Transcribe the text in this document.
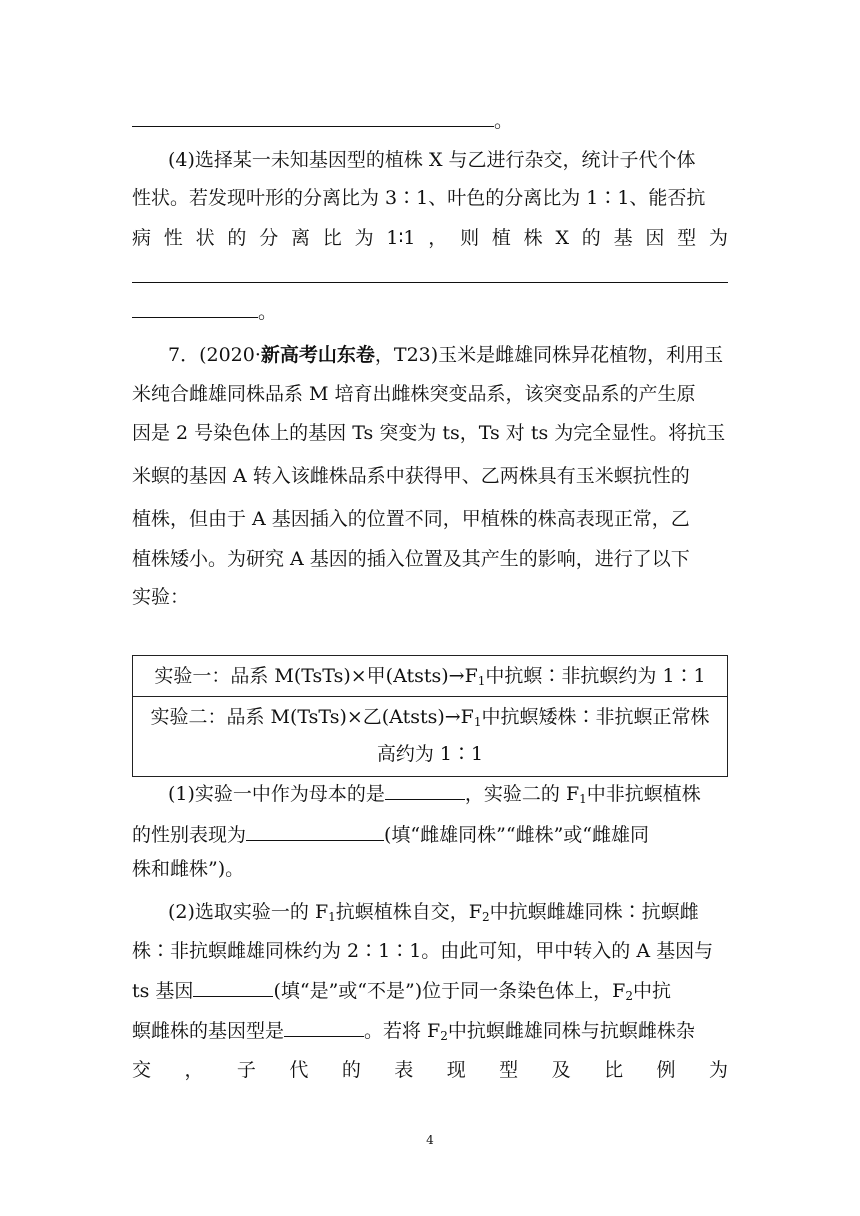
。
(4)选择某一未知基因型的植株 X 与乙进行杂交，统计子代个体
性状。若发现叶形的分离比为 3∶1、叶色的分离比为 1∶1、能否抗
病 性 状 的 分 离 比 为 1∶1 ， 则 植 株 X 的 基 因 型 为
。
7．(2020·新高考山东卷，T23)玉米是雌雄同株异花植物，利用玉
米纯合雌雄同株品系 M 培育出雌株突变品系，该突变品系的产生原
因是 2 号染色体上的基因 Ts 突变为 ts，Ts 对 ts 为完全显性。将抗玉
米螟的基因 A 转入该雌株品系中获得甲、乙两株具有玉米螟抗性的
植株，但由于 A 基因插入的位置不同，甲植株的株高表现正常，乙
植株矮小。为研究 A 基因的插入位置及其产生的影响，进行了以下
实验：
实验一：品系 M(TsTs)×甲$(Atsts)\to F_1$中抗螟∶非抗螟约为 1∶1
实验二：品系 M(TsTs)×乙$(Atsts)\to F_1$中抗螟矮株∶非抗螟正常株
高约为 1∶1
(1)实验一中作为母本的是	，实验二的 $F_1$中非抗螟植株
的性别表现为	(填“雌雄同株”“雌株”或“雌雄同
株和雌株”)。
(2)选取实验一的 $F_1$抗螟植株自交，$F_2$中抗螟雌雄同株∶抗螟雌
株∶非抗螟雌雄同株约为 2∶1∶1。由此可知，甲中转入的 A 基因与
ts 基因	(填“是”或“不是”)位于同一条染色体上，$F_2$中抗
螟雌株的基因型是	。若将 $F_2$中抗螟雌雄同株与抗螟雌株杂
交 ， 子 代 的 表 现 型 及 比 例 为
4
